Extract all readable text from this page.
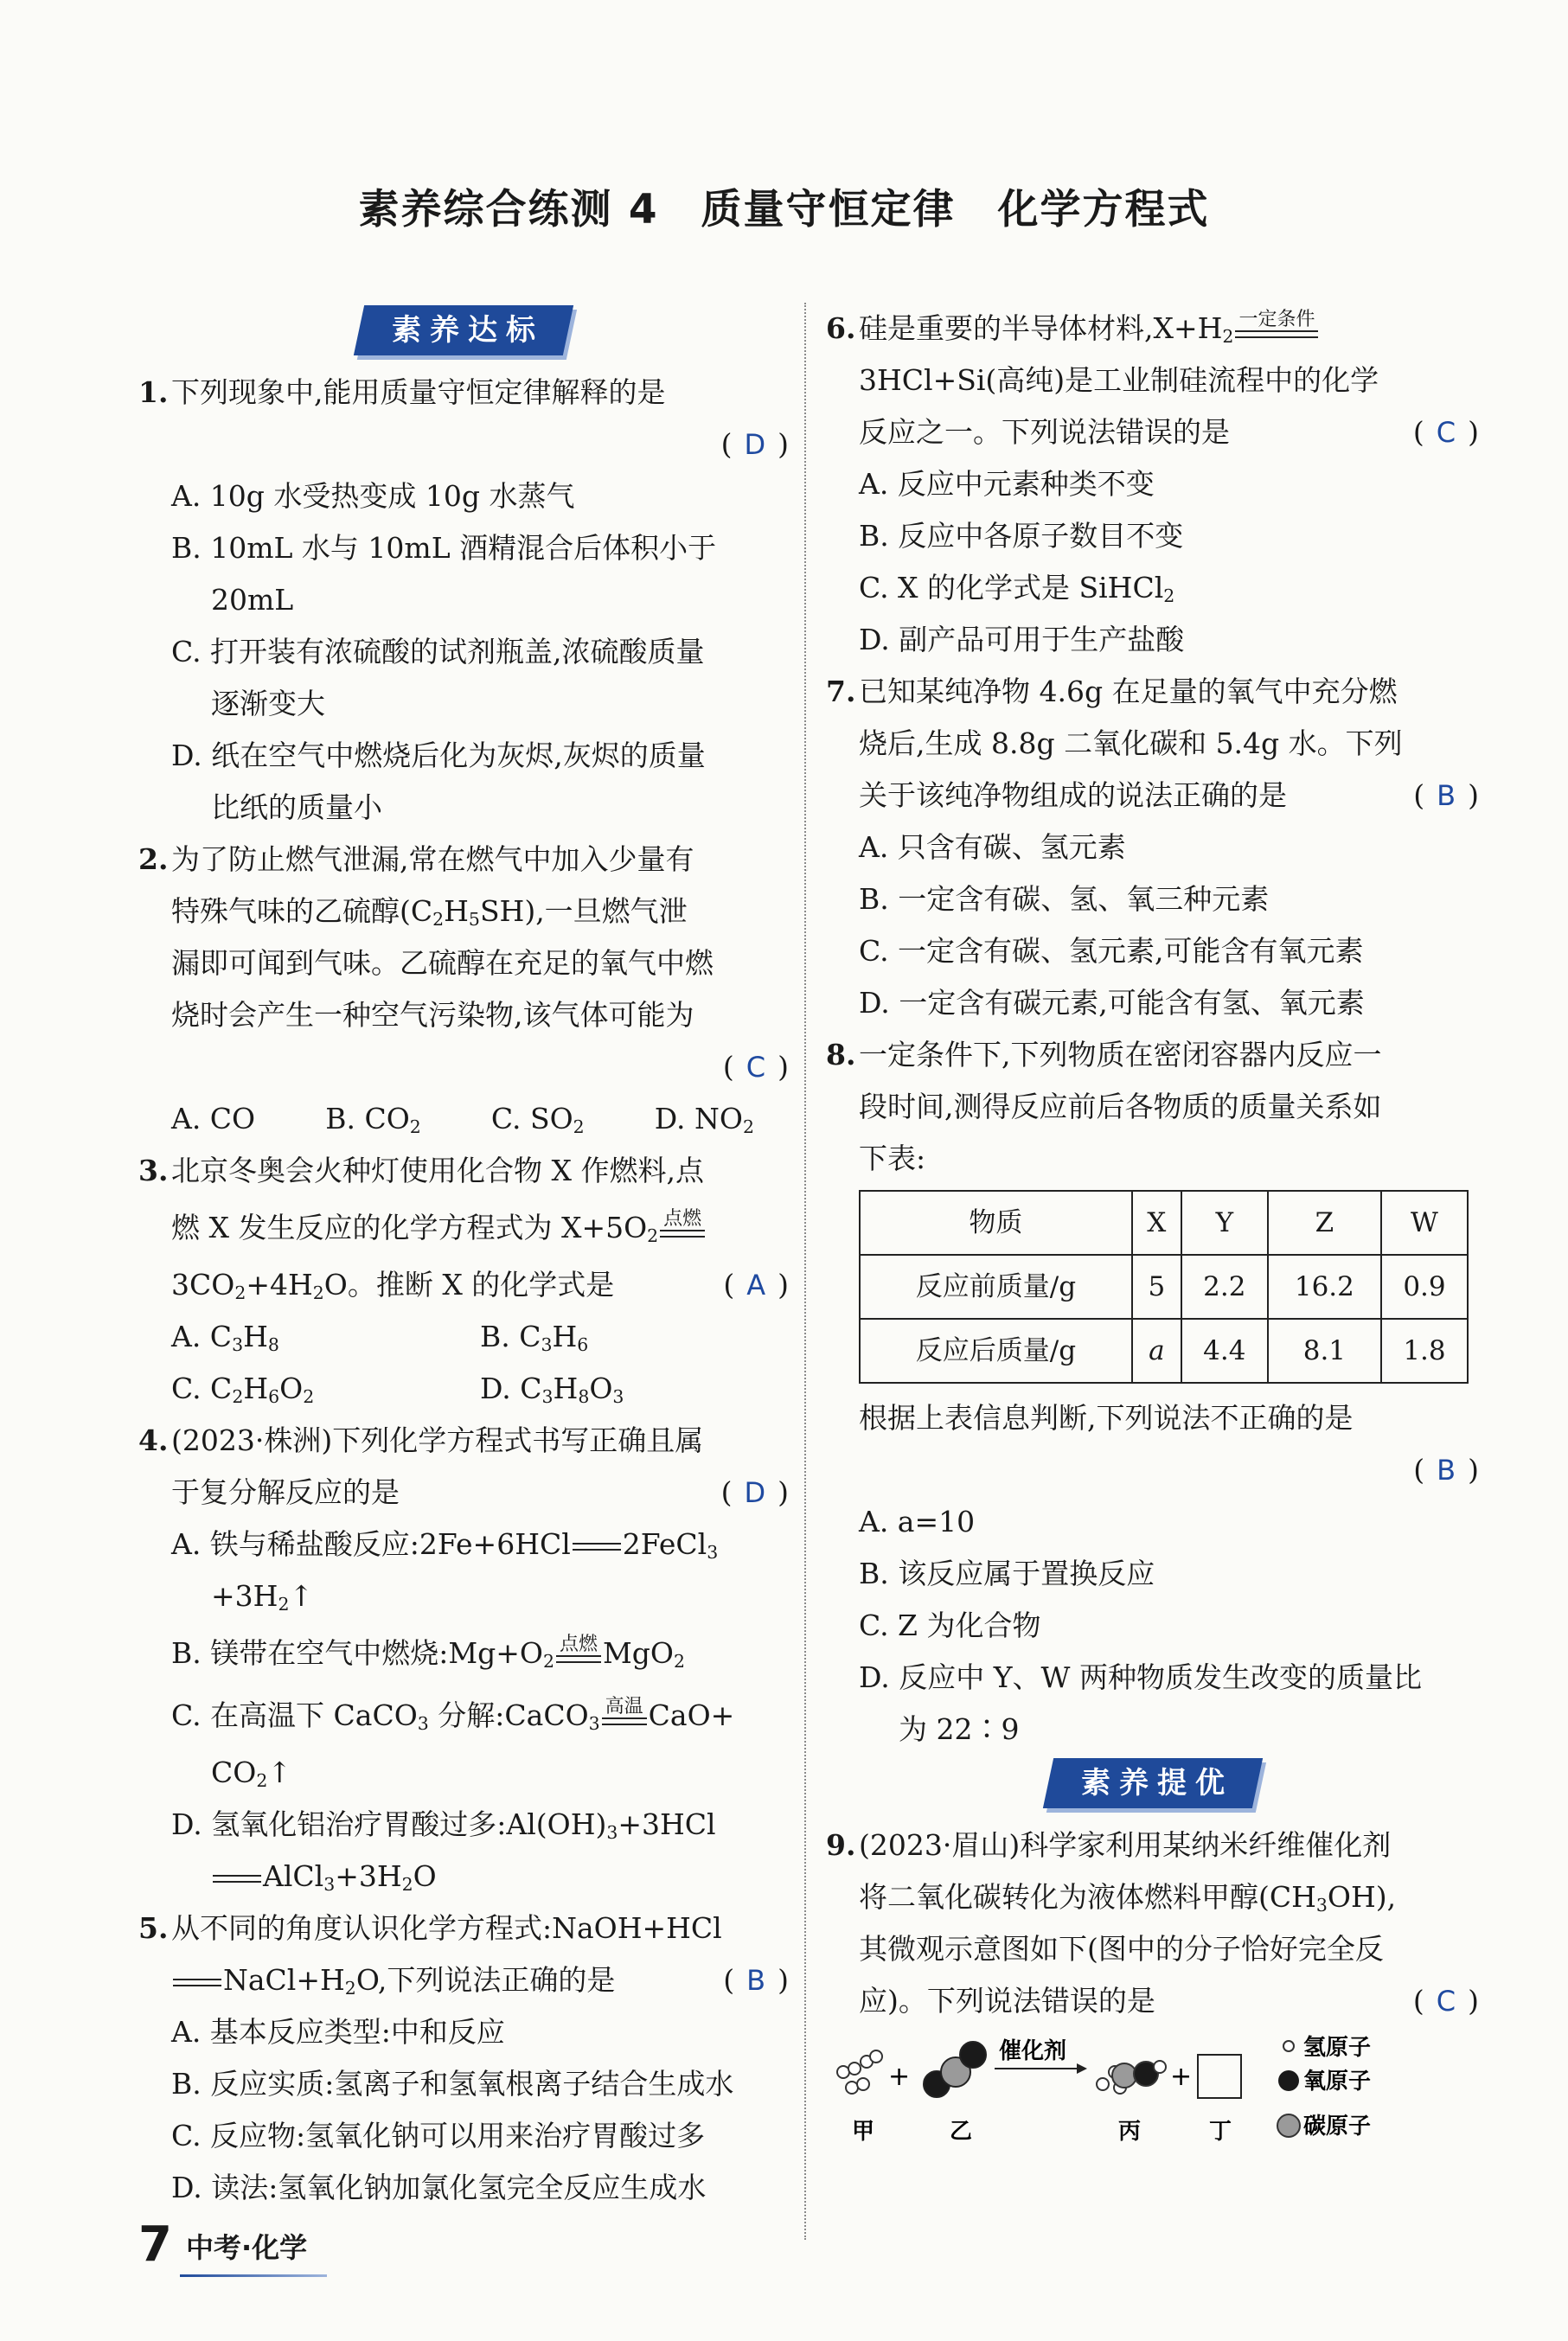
素养综合练测 4　质量守恒定律　化学方程式
素养达标
1. 下列现象中,能用质量守恒定律解释的是
( D )
A. 10g 水受热变成 10g 水蒸气
B. 10mL 水与 10mL 酒精混合后体积小于
20mL
C. 打开装有浓硫酸的试剂瓶盖,浓硫酸质量
逐渐变大
D. 纸在空气中燃烧后化为灰烬,灰烬的质量
比纸的质量小
2. 为了防止燃气泄漏,常在燃气中加入少量有
特殊气味的乙硫醇$(C_2H_5SH)$,一旦燃气泄
漏即可闻到气味。乙硫醇在充足的氧气中燃
烧时会产生一种空气污染物,该气体可能为
( C )
A. CO B. $CO_2$ C. $SO_2$ D. $NO_2$
3. 北京冬奥会火种灯使用化合物 X 作燃料,点
燃 X 发生反应的化学方程式为 $X+5O_2$
点燃
$3CO_2+4H_2O$。推断 X 的化学式是	( A )
A. $C_3H_8$	B. $C_3H_6$
C. $C_2H_6O_2$	D. $C_3H_8O_3$
4. (2023·株洲)下列化学方程式书写正确且属
于复分解反应的是	( D )
A. 铁与稀盐酸反应:2Fe+6HCl 2FeCl$_3$
$+3H_2↑$
B. 镁带在空气中燃烧$:Mg+O_2$
点燃 MgO$_2$
C. 在高温下 CaCO$_3$ 分解:CaCO$_3$
高温 CaO+
$CO_2↑$
D. 氢氧化铝治疗胃酸过多$:Al(OH)_3+3HCl$
$AlCl_3+3H_2O$
5. 从不同的角度认识化学方程式:NaOH+HCl
$NaCl+H_2O$,下列说法正确的是	( B )
A. 基本反应类型:中和反应
B. 反应实质:氢离子和氢氧根离子结合生成水
C. 反应物:氢氧化钠可以用来治疗胃酸过多
D. 读法:氢氧化钠加氯化氢完全反应生成水
6. 硅是重要的半导体材料$,X+H_2$
一定条件
3HCl+Si(高纯)是工业制硅流程中的化学
反应之一。下列说法错误的是	( C )
A. 反应中元素种类不变
B. 反应中各原子数目不变
C. X 的化学式是 SiHCl$_2$
D. 副产品可用于生产盐酸
7. 已知某纯净物 4.6g 在足量的氧气中充分燃
烧后,生成 8.8g 二氧化碳和 5.4g 水。下列
关于该纯净物组成的说法正确的是	( B )
A. 只含有碳、氢元素
B. 一定含有碳、氢、氧三种元素
C. 一定含有碳、氢元素,可能含有氧元素
D. 一定含有碳元素,可能含有氢、氧元素
8. 一定条件下,下列物质在密闭容器内反应一
段时间,测得反应前后各物质的质量关系如
下表:
物质	X	Y	Z	W
反应前质量/g	5	2.2	16.2	0.9
反应后质量/g	a	4.4	8.1	1.8
根据上表信息判断,下列说法不正确的是
( B )
A. a=10
B. 该反应属于置换反应
C. Z 为化合物
D. 反应中 Y、W 两种物质发生改变的质量比
为 22∶9
素养提优
9. (2023·眉山)科学家利用某纳米纤维催化剂
将二氧化碳转化为液体燃料甲醇$(CH_3OH)$,
其微观示意图如下(图中的分子恰好完全反
应)。下列说法错误的是	( C )
+
催化剂
+
氢原子
氧原子
碳原子
甲	乙	丙	丁
7 中考·化学
